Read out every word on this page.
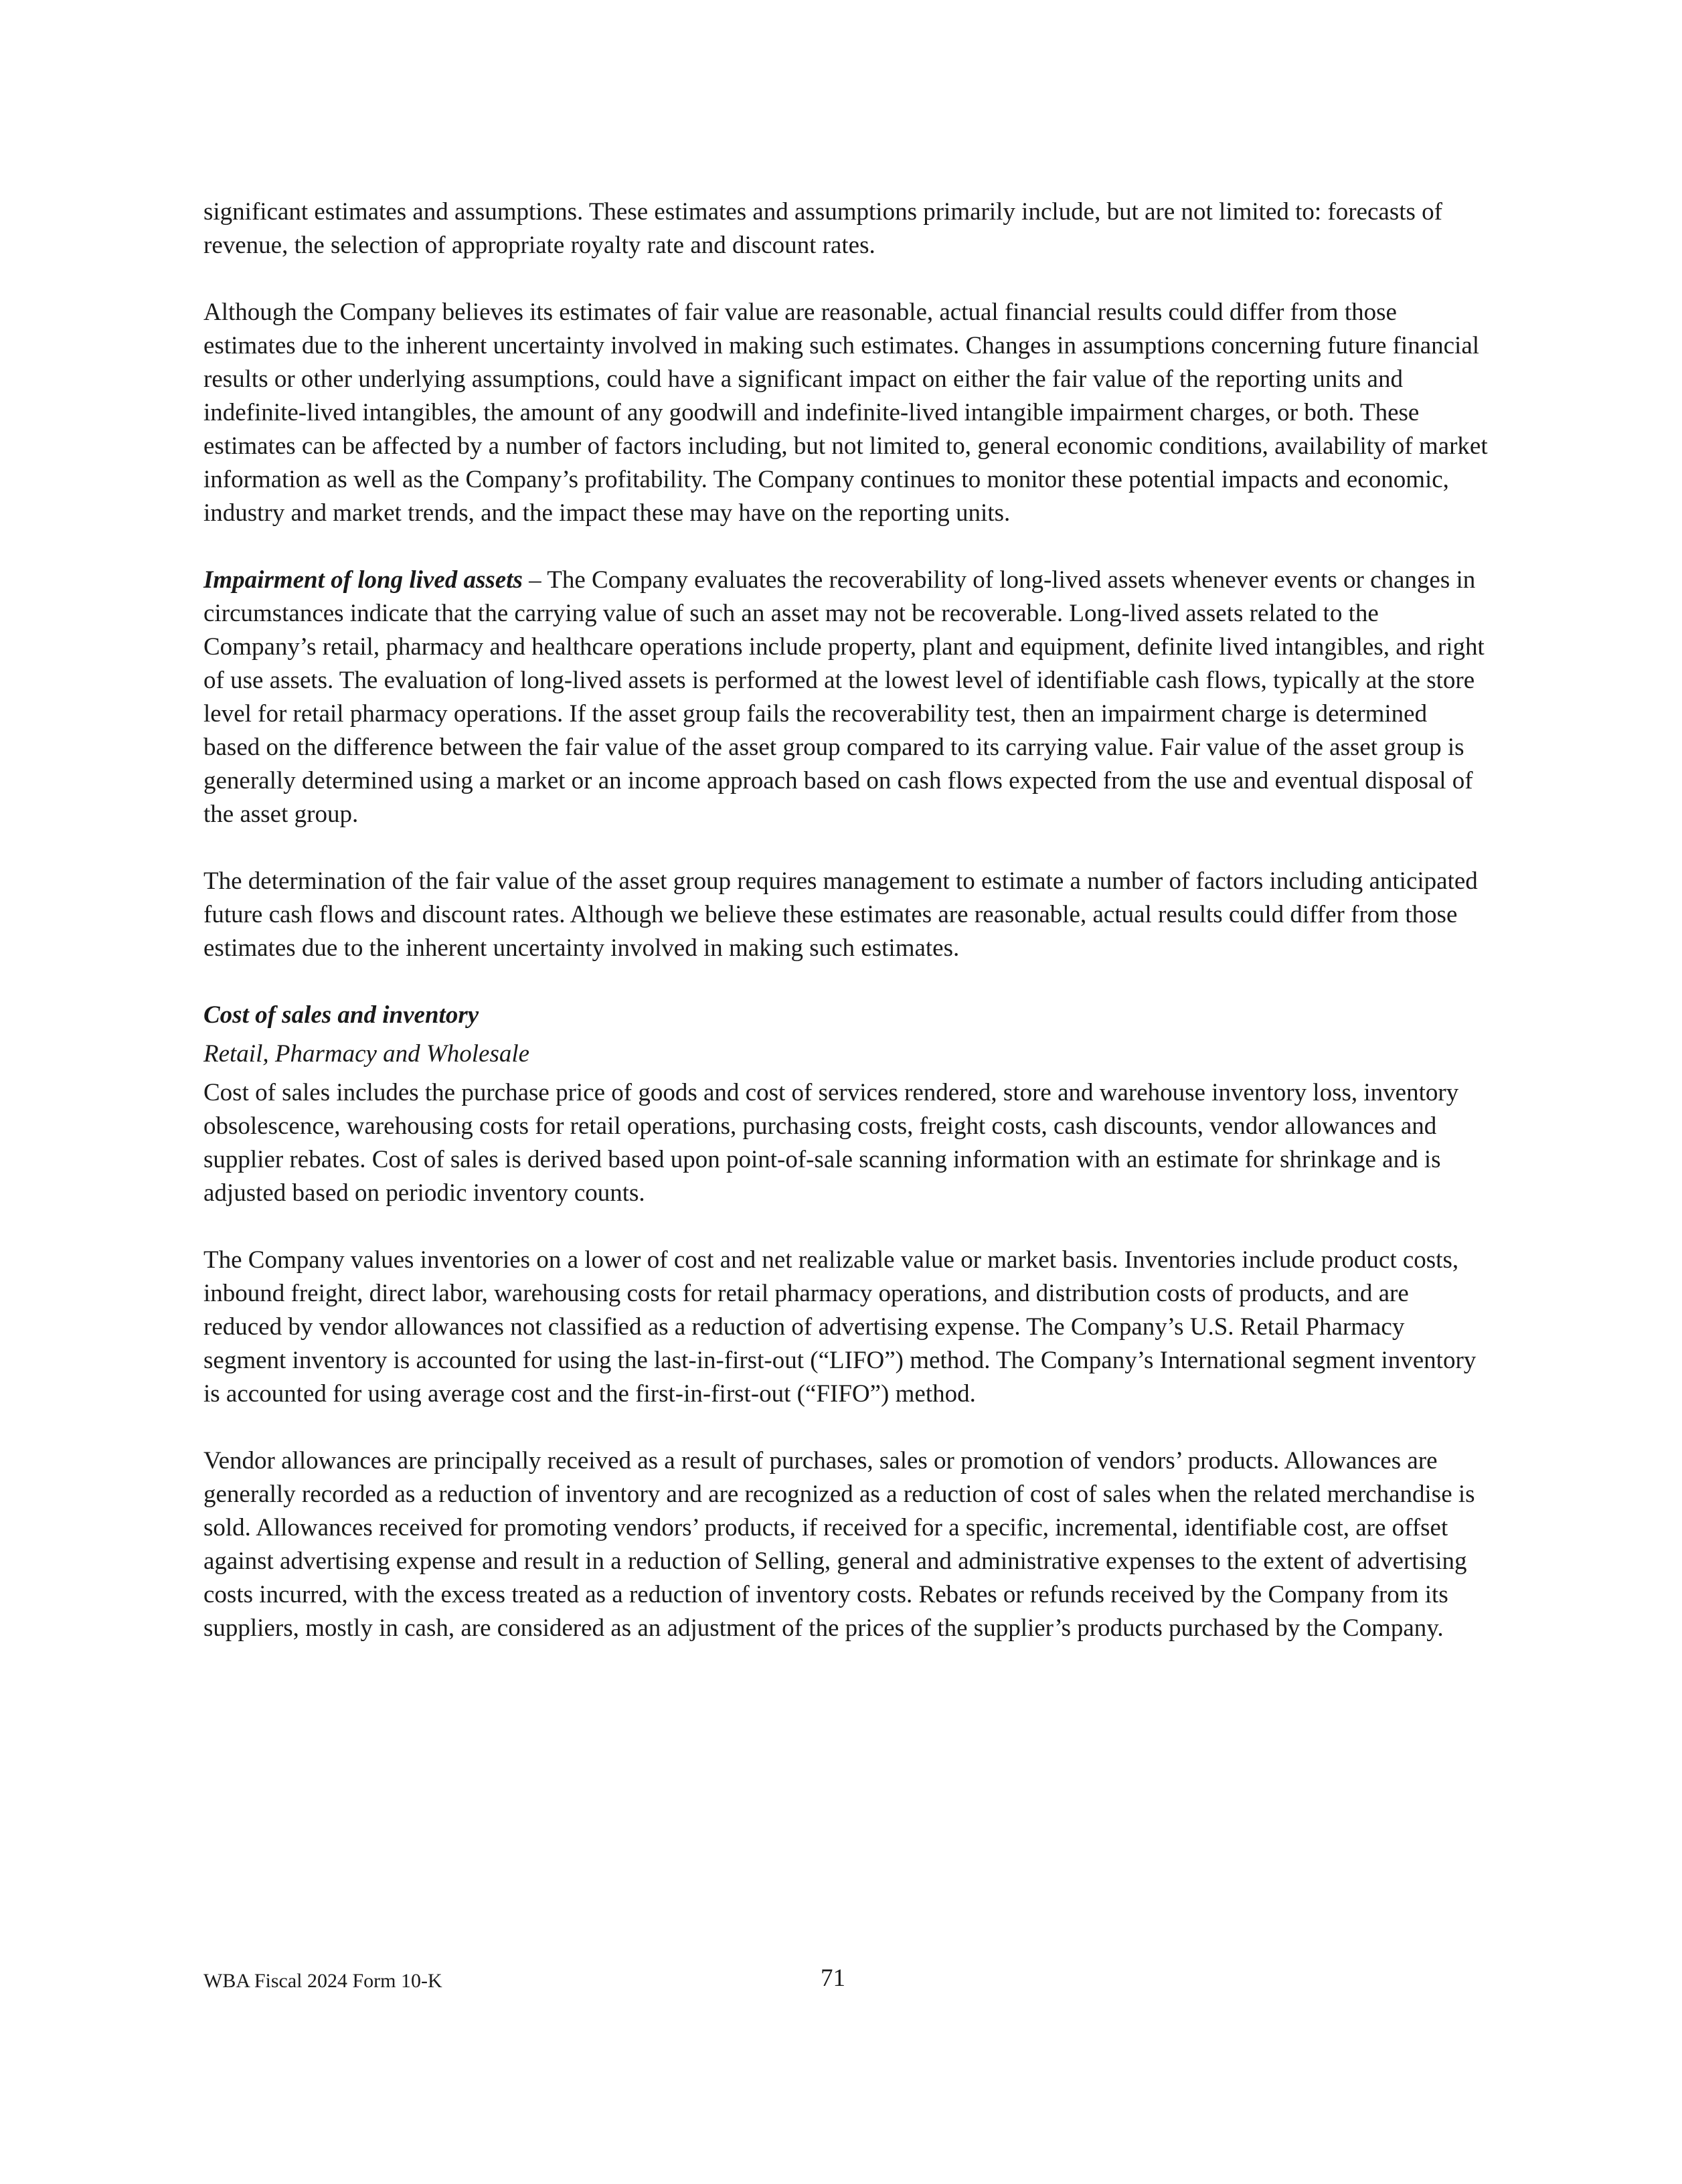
significant estimates and assumptions. These estimates and assumptions primarily include, but are not limited to: forecasts of revenue, the selection of appropriate royalty rate and discount rates.

Although the Company believes its estimates of fair value are reasonable, actual financial results could differ from those estimates due to the inherent uncertainty involved in making such estimates. Changes in assumptions concerning future financial results or other underlying assumptions, could have a significant impact on either the fair value of the reporting units and indefinite-lived intangibles, the amount of any goodwill and indefinite-lived intangible impairment charges, or both. These estimates can be affected by a number of factors including, but not limited to, general economic conditions, availability of market information as well as the Company’s profitability. The Company continues to monitor these potential impacts and economic, industry and market trends, and the impact these may have on the reporting units.

Impairment of long lived assets – The Company evaluates the recoverability of long-lived assets whenever events or changes in circumstances indicate that the carrying value of such an asset may not be recoverable. Long-lived assets related to the Company’s retail, pharmacy and healthcare operations include property, plant and equipment, definite lived intangibles, and right of use assets. The evaluation of long-lived assets is performed at the lowest level of identifiable cash flows, typically at the store level for retail pharmacy operations. If the asset group fails the recoverability test, then an impairment charge is determined based on the difference between the fair value of the asset group compared to its carrying value. Fair value of the asset group is generally determined using a market or an income approach based on cash flows expected from the use and eventual disposal of the asset group.

The determination of the fair value of the asset group requires management to estimate a number of factors including anticipated future cash flows and discount rates. Although we believe these estimates are reasonable, actual results could differ from those estimates due to the inherent uncertainty involved in making such estimates.

Cost of sales and inventory
Retail, Pharmacy and Wholesale

Cost of sales includes the purchase price of goods and cost of services rendered, store and warehouse inventory loss, inventory obsolescence, warehousing costs for retail operations, purchasing costs, freight costs, cash discounts, vendor allowances and supplier rebates. Cost of sales is derived based upon point-of-sale scanning information with an estimate for shrinkage and is adjusted based on periodic inventory counts.

The Company values inventories on a lower of cost and net realizable value or market basis. Inventories include product costs, inbound freight, direct labor, warehousing costs for retail pharmacy operations, and distribution costs of products, and are reduced by vendor allowances not classified as a reduction of advertising expense. The Company’s U.S. Retail Pharmacy segment inventory is accounted for using the last-in-first-out (“LIFO”) method. The Company’s International segment inventory is accounted for using average cost and the first-in-first-out (“FIFO”) method.

Vendor allowances are principally received as a result of purchases, sales or promotion of vendors’ products. Allowances are generally recorded as a reduction of inventory and are recognized as a reduction of cost of sales when the related merchandise is sold. Allowances received for promoting vendors’ products, if received for a specific, incremental, identifiable cost, are offset against advertising expense and result in a reduction of Selling, general and administrative expenses to the extent of advertising costs incurred, with the excess treated as a reduction of inventory costs. Rebates or refunds received by the Company from its suppliers, mostly in cash, are considered as an adjustment of the prices of the supplier’s products purchased by the Company.

WBA Fiscal 2024 Form 10-K	71
